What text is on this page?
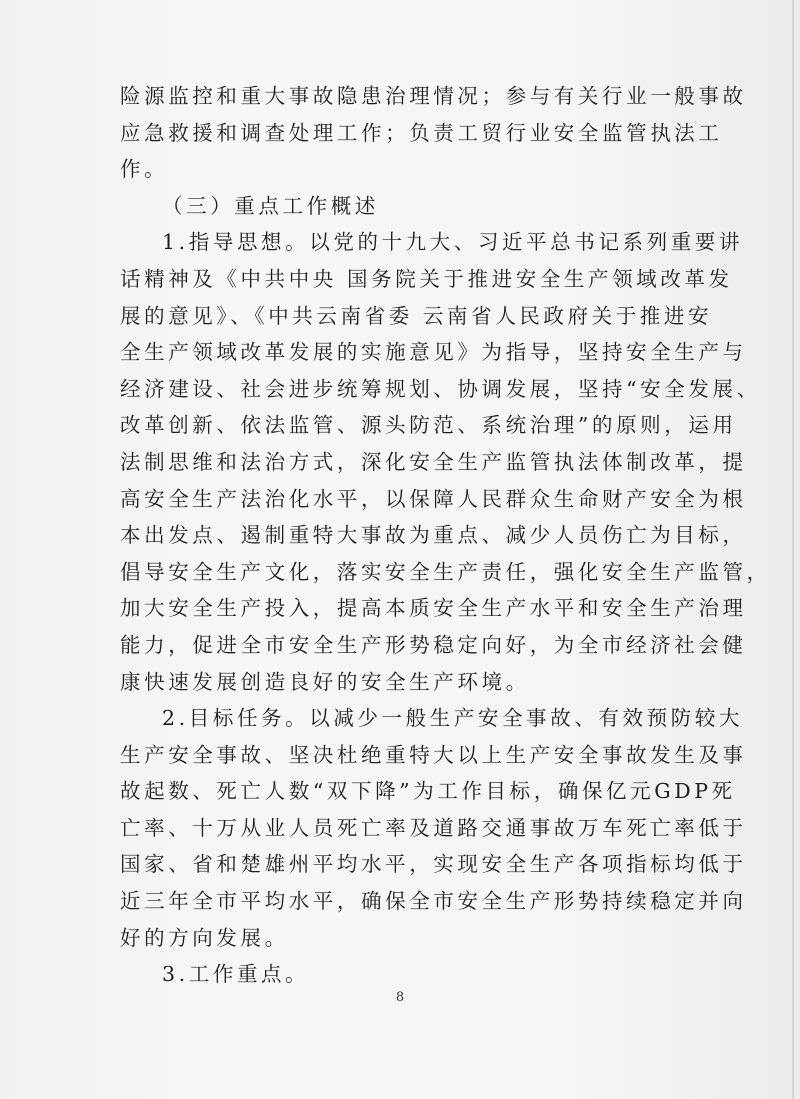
险源监控和重大事故隐患治理情况；参与有关行业一般事故
应急救援和调查处理工作；负责工贸行业安全监管执法工
作。
（三）重点工作概述
1.指导思想。以党的十九大、习近平总书记系列重要讲
话精神及《中共中央 国务院关于推进安全生产领域改革发
展的意见》、《中共云南省委 云南省人民政府关于推进安
全生产领域改革发展的实施意见》为指导，坚持安全生产与
经济建设、社会进步统筹规划、协调发展，坚持“安全发展、
改革创新、依法监管、源头防范、系统治理”的原则，运用
法制思维和法治方式，深化安全生产监管执法体制改革，提
高安全生产法治化水平，以保障人民群众生命财产安全为根
本出发点、遏制重特大事故为重点、减少人员伤亡为目标，
倡导安全生产文化，落实安全生产责任，强化安全生产监管，
加大安全生产投入，提高本质安全生产水平和安全生产治理
能力，促进全市安全生产形势稳定向好，为全市经济社会健
康快速发展创造良好的安全生产环境。
2.目标任务。以减少一般生产安全事故、有效预防较大
生产安全事故、坚决杜绝重特大以上生产安全事故发生及事
故起数、死亡人数“双下降”为工作目标，确保亿元GDP死
亡率、十万从业人员死亡率及道路交通事故万车死亡率低于
国家、省和楚雄州平均水平，实现安全生产各项指标均低于
近三年全市平均水平，确保全市安全生产形势持续稳定并向
好的方向发展。
3.工作重点。
8
